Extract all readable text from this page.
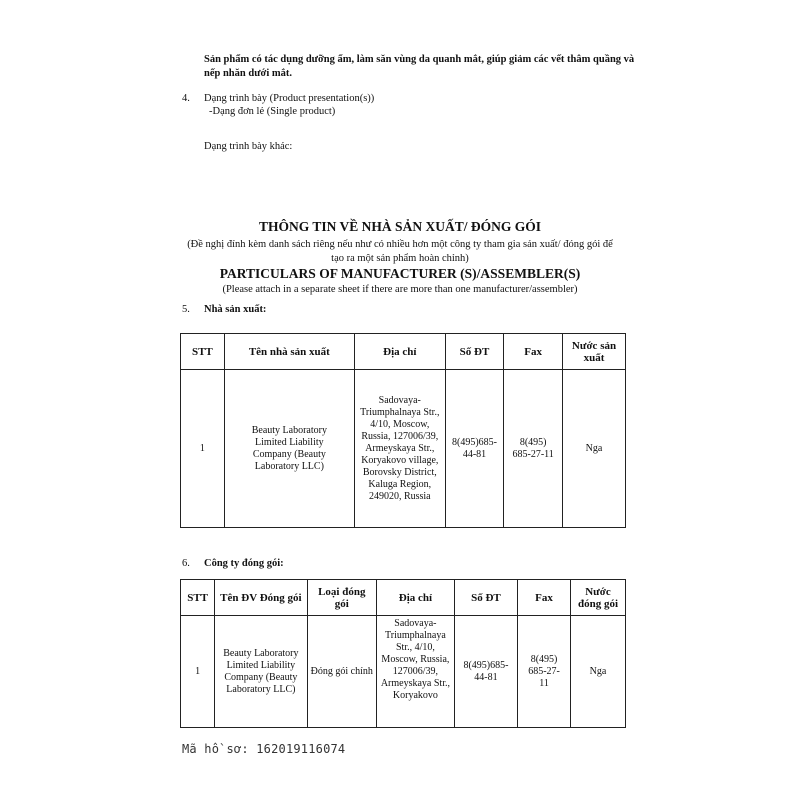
Sản phẩm có tác dụng dưỡng ẩm, làm săn vùng da quanh mắt, giúp giảm các vết thâm quầng và nếp nhăn dưới mắt.
4. Dạng trình bày (Product presentation(s))
-Dạng đơn lẻ (Single product)
Dạng trình bày khác:
THÔNG TIN VỀ NHÀ SẢN XUẤT/ ĐÓNG GÓI
(Đề nghị đính kèm danh sách riêng nếu như có nhiều hơn một công ty tham gia sản xuất/ đóng gói để tạo ra một sản phẩm hoàn chỉnh)
PARTICULARS OF MANUFACTURER (S)/ASSEMBLER(S)
(Please attach in a separate sheet if there are more than one manufacturer/assembler)
5. Nhà sản xuất:
STT	Tên nhà sản xuất	Địa chỉ	Số ĐT	Fax	Nước sản xuất
1	Beauty Laboratory Limited Liability Company (Beauty Laboratory LLC)	Sadovaya-Triumphalnaya Str., 4/10, Moscow, Russia, 127006/39, Armeyskaya Str., Koryakovo village, Borovsky District, Kaluga Region, 249020, Russia	8(495)685-44-81	8(495) 685-27-11	Nga
6. Công ty đóng gói:
STT	Tên ĐV Đóng gói	Loại đóng gói	Địa chỉ	Số ĐT	Fax	Nước đóng gói
1	Beauty Laboratory Limited Liability Company (Beauty Laboratory LLC)	Đóng gói chính	Sadovaya-Triumphalnaya Str., 4/10, Moscow, Russia, 127006/39, Armeyskaya Str., Koryakovo	8(495)685-44-81	8(495) 685-27-11	Nga
Mã hồ sơ: 162019116074
